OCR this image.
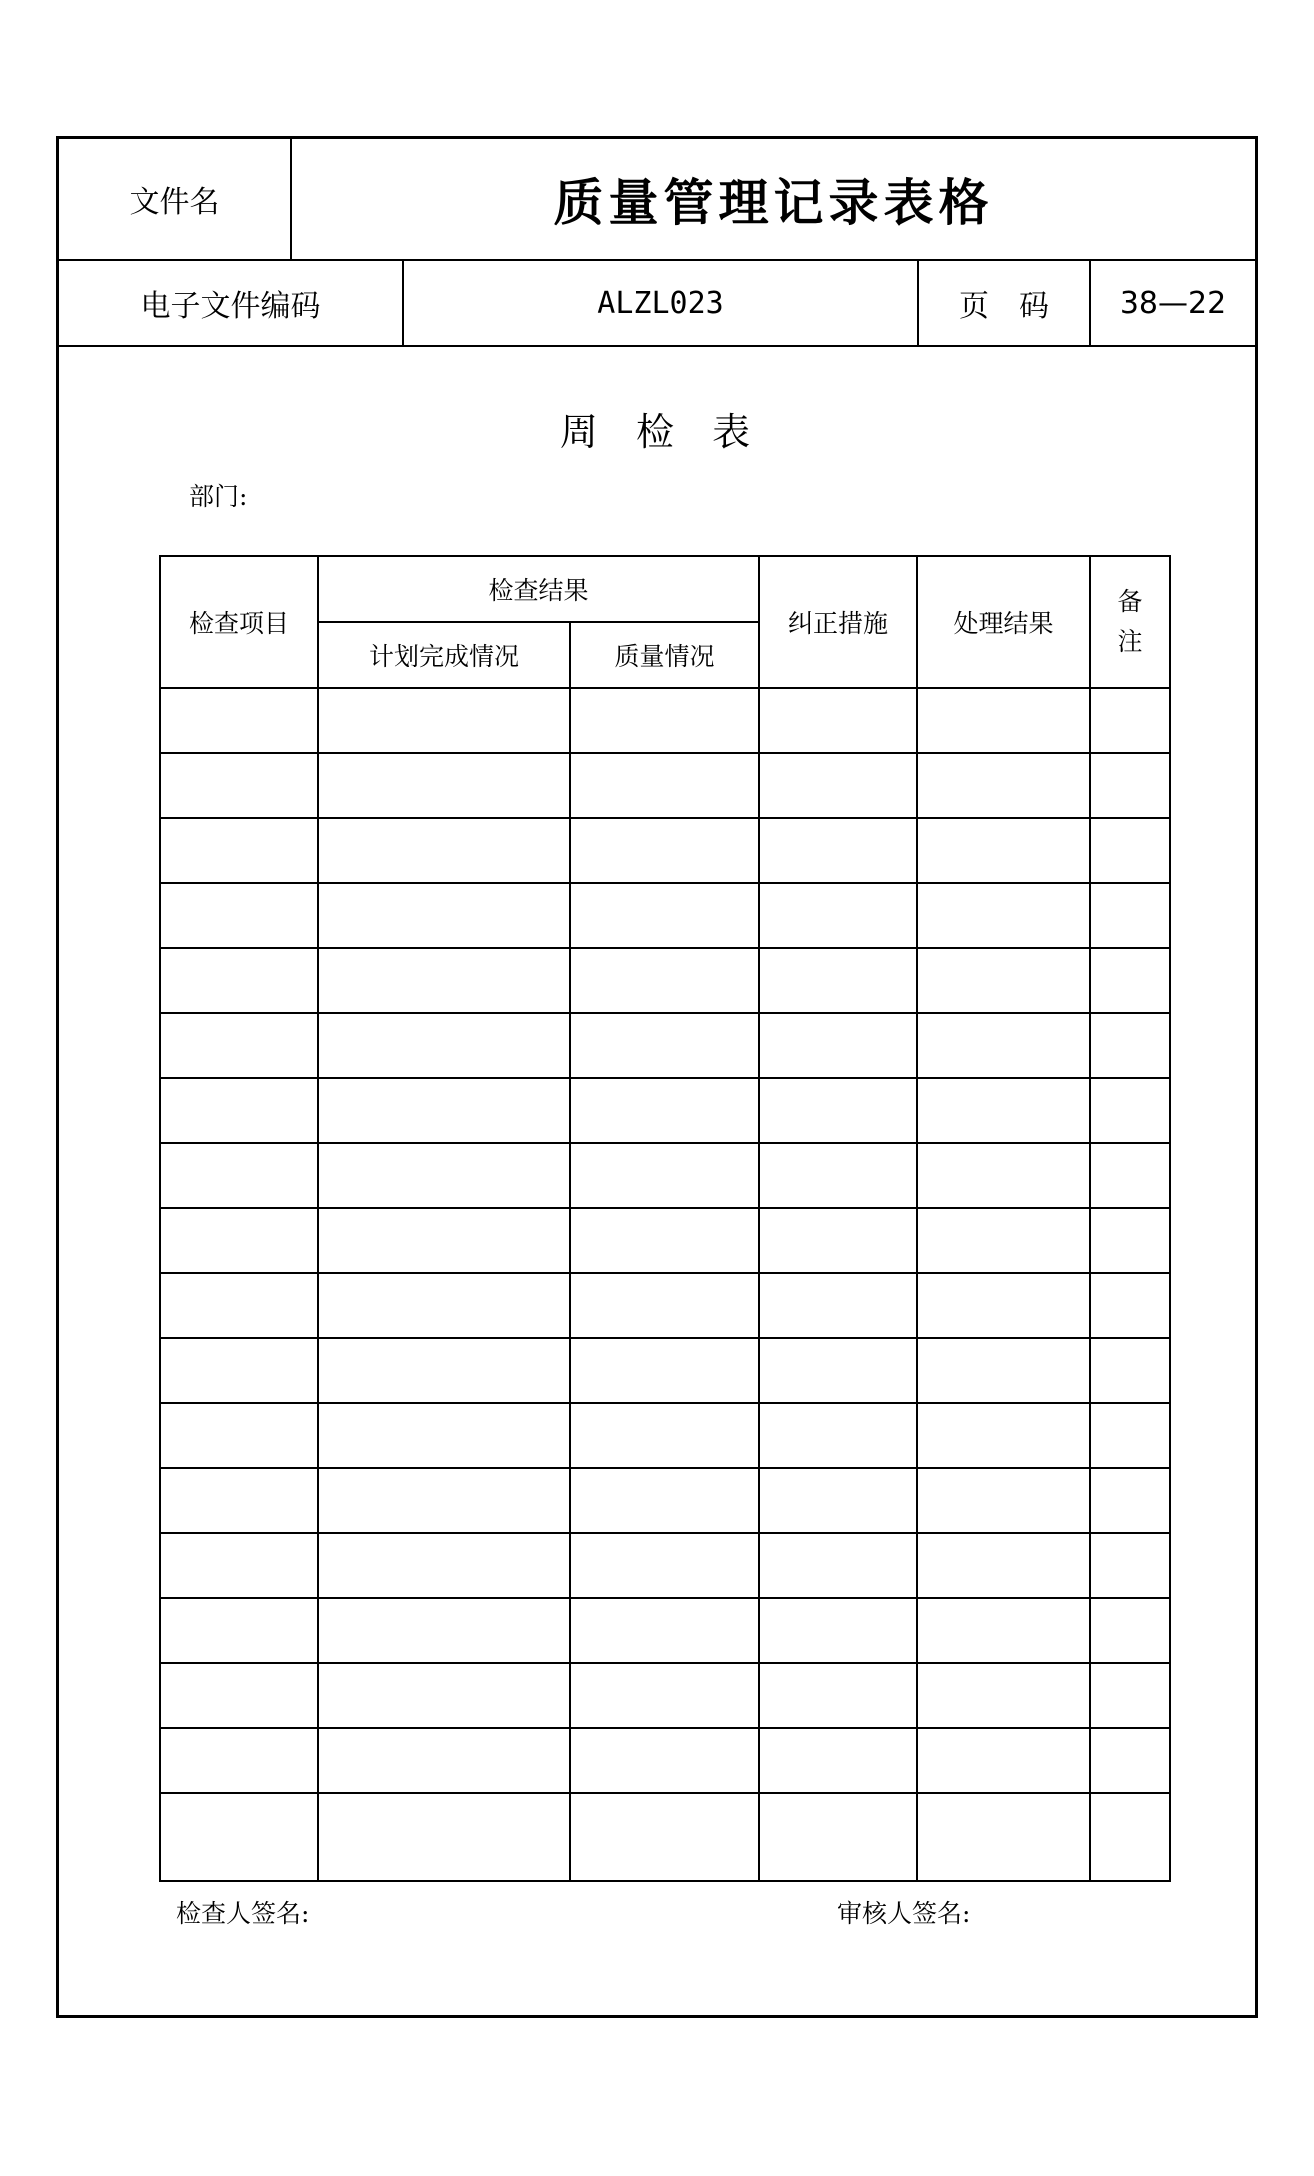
文件名	质量管理记录表格
电子文件编码	ALZL023	页　码	38—22
周 检 表
部门:
检查项目	检查结果		纠正措施	处理结果	备
注
	计划完成情况	质量情况			

检查人签名:	审核人签名:
